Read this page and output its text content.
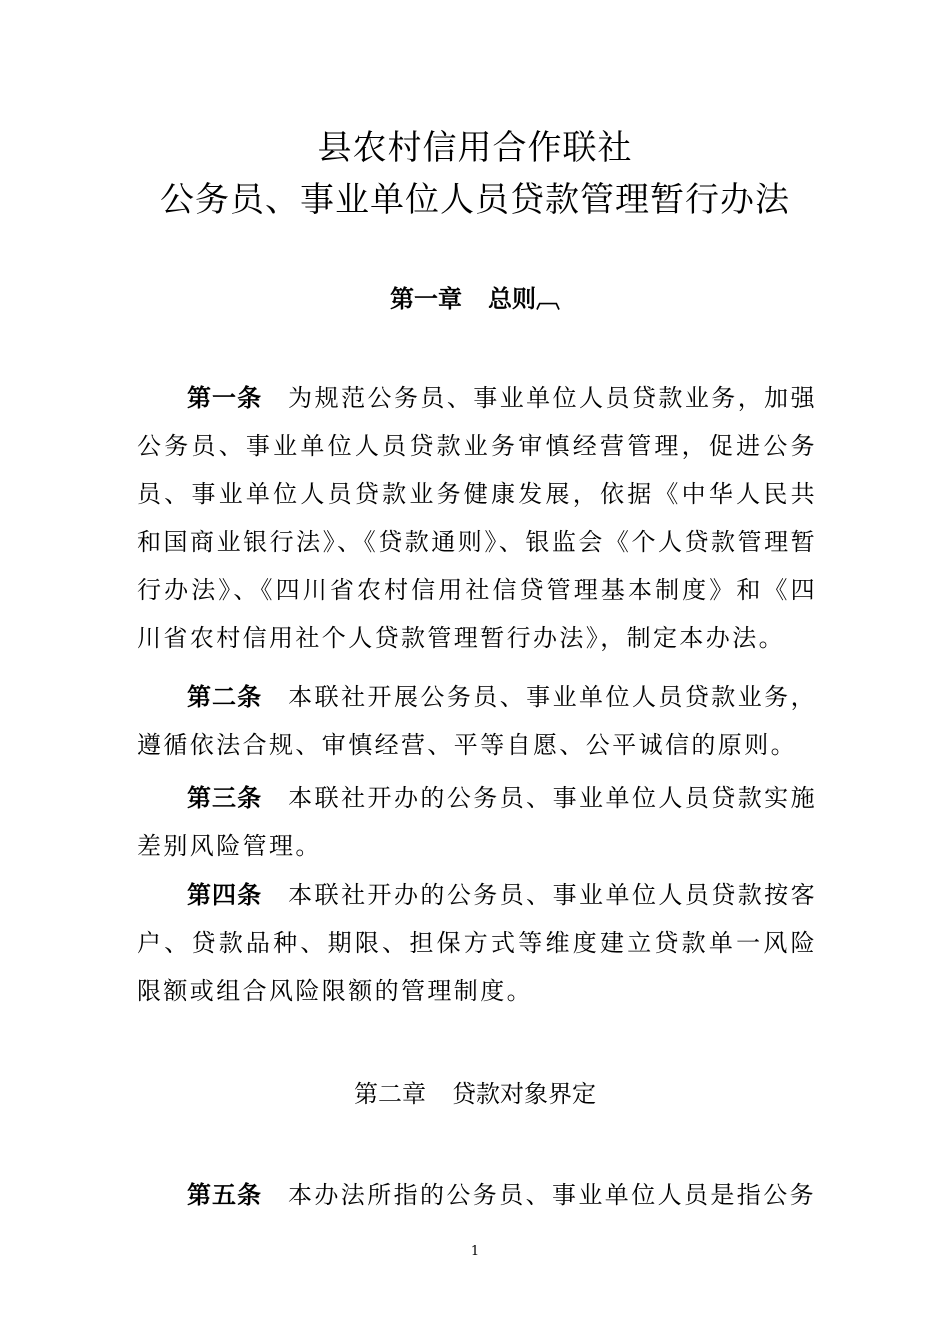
县农村信用合作联社
公务员、事业单位人员贷款管理暂行办法
第一章 总则︹

第一条 为规范公务员、事业单位人员贷款业务，加强公务员、事业单位人员贷款业务审慎经营管理，促进公务员、事业单位人员贷款业务健康发展，依据《中华人民共和国商业银行法》、《贷款通则》、银监会《个人贷款管理暂行办法》、《四川省农村信用社信贷管理基本制度》和《四川省农村信用社个人贷款管理暂行办法》，制定本办法。

第二条 本联社开展公务员、事业单位人员贷款业务，遵循依法合规、审慎经营、平等自愿、公平诚信的原则。

第三条 本联社开办的公务员、事业单位人员贷款实施差别风险管理。

第四条 本联社开办的公务员、事业单位人员贷款按客户、贷款品种、期限、担保方式等维度建立贷款单一风险限额或组合风险限额的管理制度。

第二章 贷款对象界定

第五条 本办法所指的公务员、事业单位人员是指公务

1
